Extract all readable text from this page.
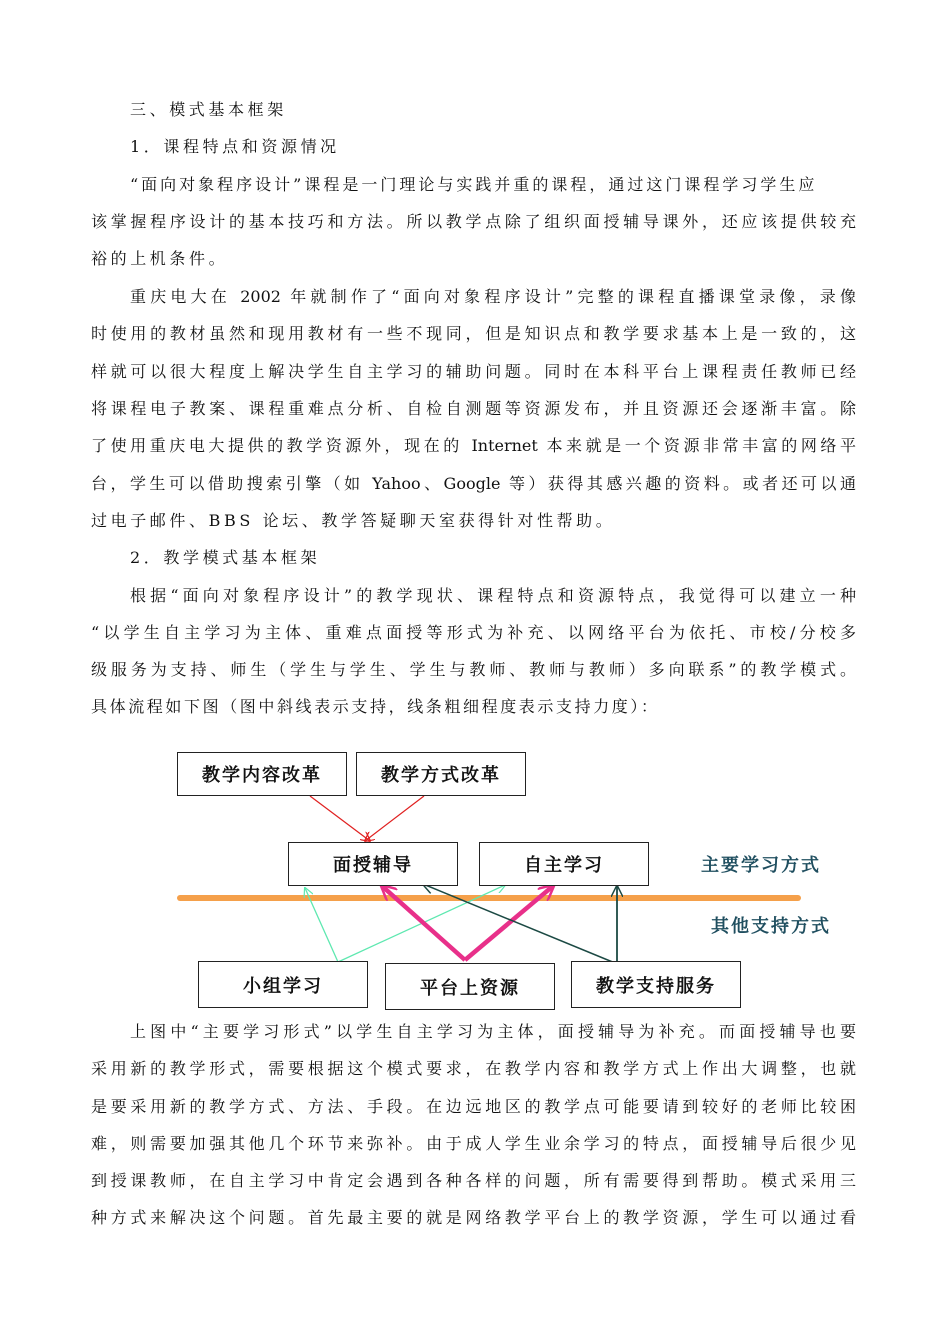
三、模式基本框架
1．课程特点和资源情况
“面向对象程序设计”课程是一门理论与实践并重的课程，通过这门课程学习学生应
该掌握程序设计的基本技巧和方法。所以教学点除了组织面授辅导课外，还应该提供较充
裕的上机条件。
重庆电大在 2002 年就制作了“面向对象程序设计”完整的课程直播课堂录像，录像
时使用的教材虽然和现用教材有一些不现同，但是知识点和教学要求基本上是一致的，这
样就可以很大程度上解决学生自主学习的辅助问题。同时在本科平台上课程责任教师已经
将课程电子教案、课程重难点分析、自检自测题等资源发布，并且资源还会逐渐丰富。除
了使用重庆电大提供的教学资源外，现在的 Internet 本来就是一个资源非常丰富的网络平
台，学生可以借助搜索引擎（如 Yahoo、Google 等）获得其感兴趣的资料。或者还可以通
过电子邮件、BBS 论坛、教学答疑聊天室获得针对性帮助。
2．教学模式基本框架
根据“面向对象程序设计”的教学现状、课程特点和资源特点，我觉得可以建立一种
“以学生自主学习为主体、重难点面授等形式为补充、以网络平台为依托、市校/分校多
级服务为支持、师生（学生与学生、学生与教师、教师与教师）多向联系”的教学模式。
具体流程如下图（图中斜线表示支持，线条粗细程度表示支持力度）：
上图中“主要学习形式”以学生自主学习为主体，面授辅导为补充。而面授辅导也要
教学内容改革	教学方式改革
面授辅导	自主学习
小组学习	平台上资源	教学支持服务
主要学习方式
其他支持方式
采用新的教学形式，需要根据这个模式要求，在教学内容和教学方式上作出大调整，也就
是要采用新的教学方式、方法、手段。在边远地区的教学点可能要请到较好的老师比较困
难，则需要加强其他几个环节来弥补。由于成人学生业余学习的特点，面授辅导后很少见
到授课教师，在自主学习中肯定会遇到各种各样的问题，所有需要得到帮助。模式采用三
种方式来解决这个问题。首先最主要的就是网络教学平台上的教学资源，学生可以通过看
